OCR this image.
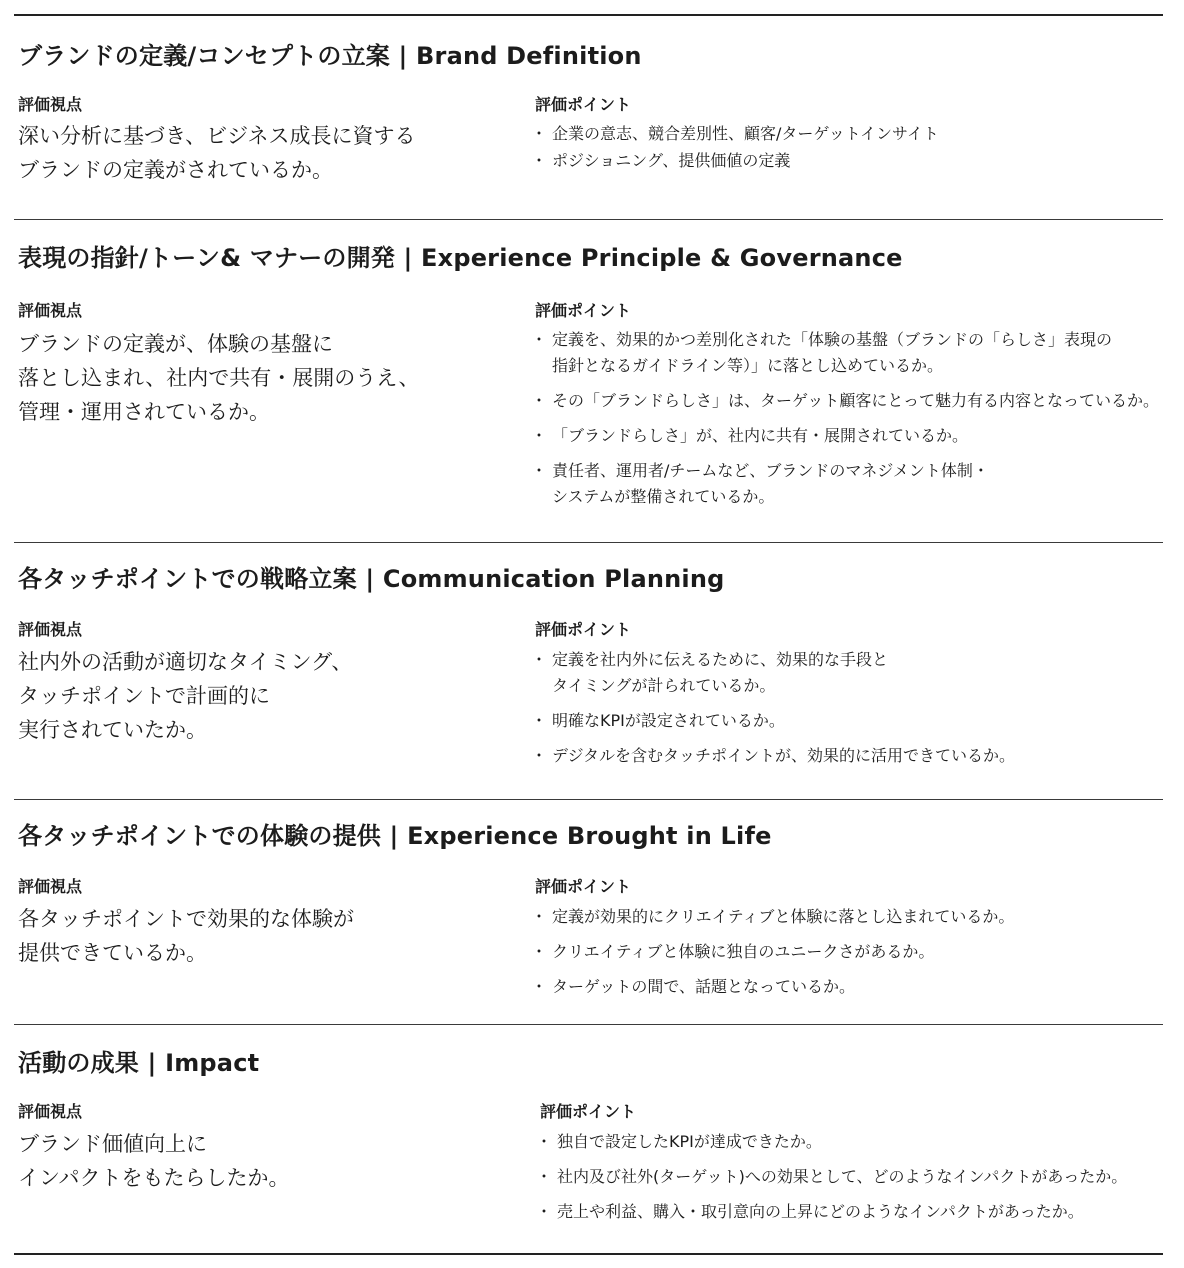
ブランドの定義/コンセプトの立案 | Brand Definition
評価視点	評価ポイント
深い分析に基づき、ビジネス成長に資する
ブランドの定義がされているか。
・ 企業の意志、競合差別性、顧客/ターゲットインサイト
・ ポジショニング、提供価値の定義
表現の指針/トーン& マナーの開発 | Experience Principle & Governance
評価視点	評価ポイント
ブランドの定義が、体験の基盤に
落とし込まれ、社内で共有・展開のうえ、
管理・運用されているか。
・ 定義を、効果的かつ差別化された「体験の基盤（ブランドの「らしさ」表現の
指針となるガイドライン等）」に落とし込めているか。
・ その「ブランドらしさ」は、ターゲット顧客にとって魅力有る内容となっているか。
・ 「ブランドらしさ」が、社内に共有・展開されているか。
・ 責任者、運用者/チームなど、ブランドのマネジメント体制・
システムが整備されているか。
各タッチポイントでの戦略立案 | Communication Planning
評価視点	評価ポイント
社内外の活動が適切なタイミング、
タッチポイントで計画的に
実行されていたか。
・ 定義を社内外に伝えるために、効果的な手段と
タイミングが計られているか。
・ 明確なKPIが設定されているか。
・ デジタルを含むタッチポイントが、効果的に活用できているか。
各タッチポイントでの体験の提供 | Experience Brought in Life
評価視点	評価ポイント
各タッチポイントで効果的な体験が
提供できているか。
・ 定義が効果的にクリエイティブと体験に落とし込まれているか。
・ クリエイティブと体験に独自のユニークさがあるか。
・ ターゲットの間で、話題となっているか。
活動の成果 | Impact
評価視点	評価ポイント
ブランド価値向上に
インパクトをもたらしたか。
・ 独自で設定したKPIが達成できたか。
・ 社内及び社外(ターゲット)への効果として、どのようなインパクトがあったか。
・ 売上や利益、購入・取引意向の上昇にどのようなインパクトがあったか。
